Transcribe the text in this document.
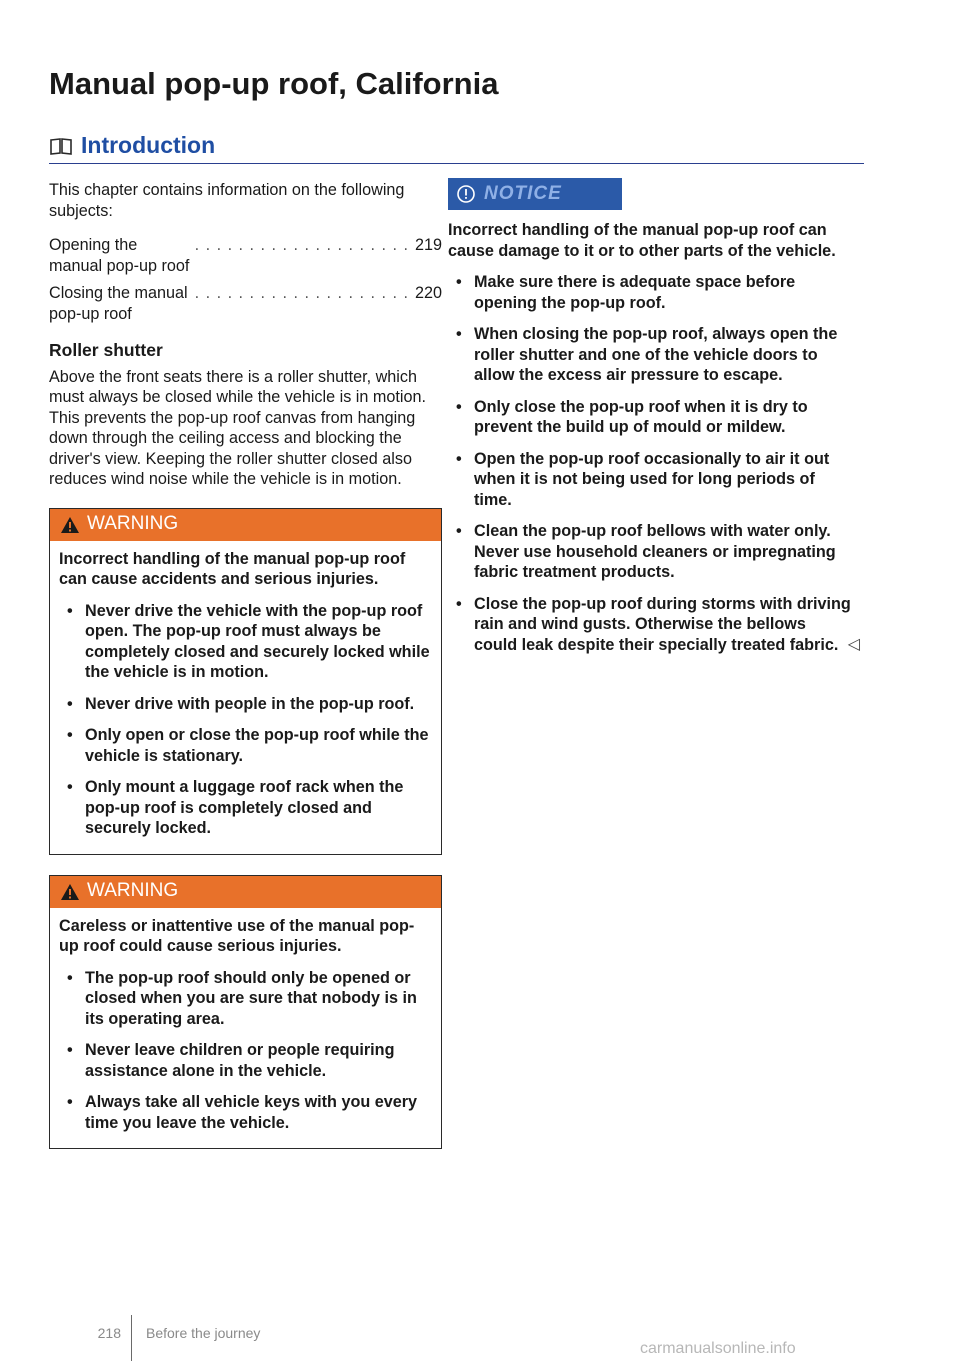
Manual pop-up roof, California
Introduction

This chapter contains information on the following subjects:

Opening the manual pop-up roof
. . . . . . . . . . . . . . . . . . . . 219
Closing the manual pop-up roof
. . . . . . . . . . . . . . . . . . . . 220
Roller shutter

Above the front seats there is a roller shutter, which must always be closed while the vehicle is in motion. This prevents the pop-up roof canvas from hanging down through the ceiling access and blocking the driver's view. Keeping the roller shutter closed also reduces wind noise while the vehicle is in motion.

WARNING

Incorrect handling of the manual pop-up roof can cause accidents and serious injuries.

• Never drive the vehicle with the pop-up roof open. The pop-up roof must always be completely closed and securely locked while the vehicle is in motion.
• Never drive with people in the pop-up roof.
• Only open or close the pop-up roof while the vehicle is stationary.
• Only mount a luggage roof rack when the pop-up roof is completely closed and securely locked.
WARNING

Careless or inattentive use of the manual pop-up roof could cause serious injuries.

• The pop-up roof should only be opened or closed when you are sure that nobody is in its operating area.
• Never leave children or people requiring assistance alone in the vehicle.
• Always take all vehicle keys with you every time you leave the vehicle.
NOTICE

Incorrect handling of the manual pop-up roof can cause damage to it or to other parts of the vehicle.

• Make sure there is adequate space before opening the pop-up roof.
• When closing the pop-up roof, always open the roller shutter and one of the vehicle doors to allow the excess air pressure to escape.
• Only close the pop-up roof when it is dry to prevent the build up of mould or mildew.
• Open the pop-up roof occasionally to air it out when it is not being used for long periods of time.
• Clean the pop-up roof bellows with water only. Never use household cleaners or impregnating fabric treatment products.
• Close the pop-up roof during storms with driving rain and wind gusts. Otherwise the bellows could leak despite their specially treated fabric. ◁
218	Before the journey
carmanualsonline.info
